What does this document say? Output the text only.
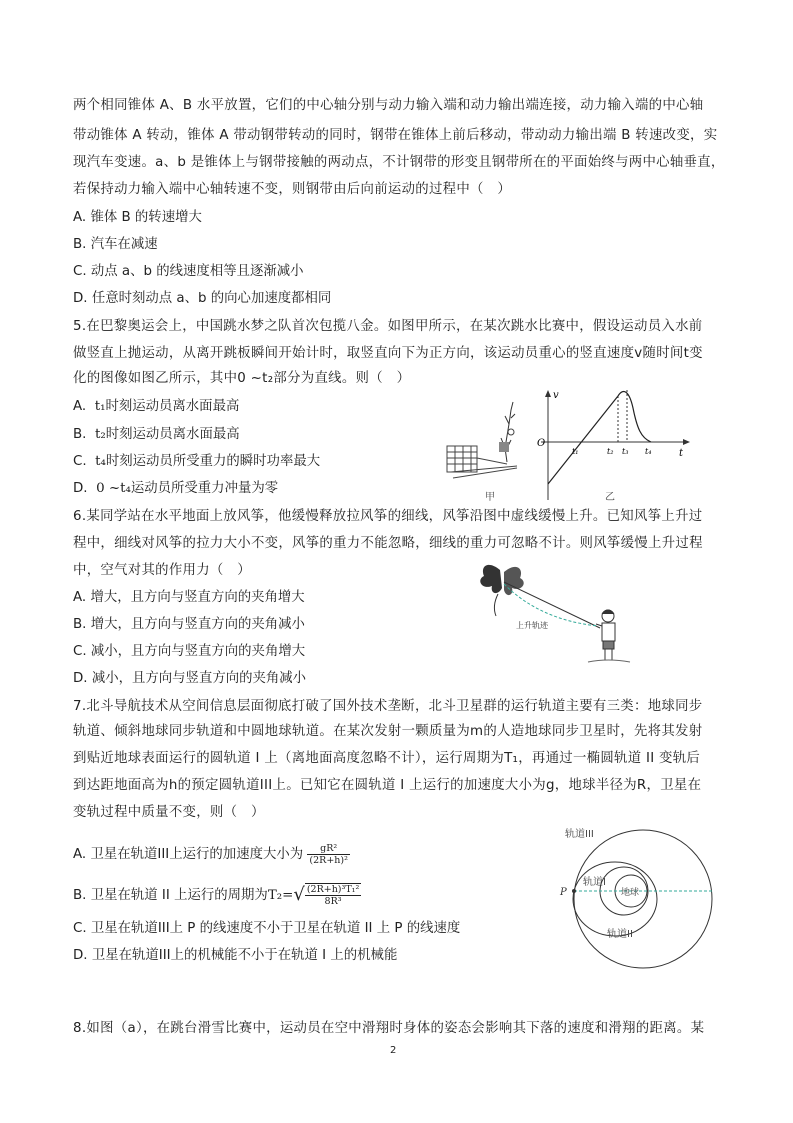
两个相同锥体 A、B 水平放置，它们的中心轴分别与动力输入端和动力输出端连接，动力输入端的中心轴
带动锥体 A 转动，锥体 A 带动钢带转动的同时，钢带在锥体上前后移动，带动动力输出端 B 转速改变，实
现汽车变速。a、b 是锥体上与钢带接触的两动点，不计钢带的形变且钢带所在的平面始终与两中心轴垂直，
若保持动力输入端中心轴转速不变，则钢带由后向前运动的过程中（　）
A. 锥体 B 的转速增大
B. 汽车在减速
C. 动点 a、b 的线速度相等且逐渐减小
D. 任意时刻动点 a、b 的向心加速度都相同
5.在巴黎奥运会上，中国跳水梦之队首次包揽八金。如图甲所示，在某次跳水比赛中，假设运动员入水前
做竖直上抛运动，从离开跳板瞬间开始计时，取竖直向下为正方向，该运动员重心的竖直速度v随时间t变
化的图像如图乙所示，其中0 ~t₂部分为直线。则（　）
A. t₁时刻运动员离水面最高
B. t₂时刻运动员离水面最高
C. t₄时刻运动员所受重力的瞬时功率最大
D. 0 ~t₄运动员所受重力冲量为零
甲
v
t
O
t₁	t₂ t₃ t₄
乙
6.某同学站在水平地面上放风筝，他缓慢释放拉风筝的细线，风筝沿图中虚线缓慢上升。已知风筝上升过
程中，细线对风筝的拉力大小不变，风筝的重力不能忽略，细线的重力可忽略不计。则风筝缓慢上升过程
中，空气对其的作用力（　）
A. 增大，且方向与竖直方向的夹角增大
B. 增大，且方向与竖直方向的夹角减小
C. 减小，且方向与竖直方向的夹角增大
D. 减小，且方向与竖直方向的夹角减小
上升轨迹
7.北斗导航技术从空间信息层面彻底打破了国外技术垄断，北斗卫星群的运行轨道主要有三类：地球同步
轨道、倾斜地球同步轨道和中圆地球轨道。在某次发射一颗质量为m的人造地球同步卫星时，先将其发射
到贴近地球表面运行的圆轨道 I 上（离地面高度忽略不计），运行周期为T₁，再通过一椭圆轨道 II 变轨后
到达距地面高为h的预定圆轨道III上。已知它在圆轨道 I 上运行的加速度大小为g，地球半径为R，卫星在
变轨过程中质量不变，则（　）
A. 卫星在轨道III上运行的加速度大小为 $\frac{\text{gR²}}{\text{(2R+h)²}}$
B. 卫星在轨道 II 上运行的周期为$T_2=√ \frac{\text{(2R+h)³T₁²}}{\text{8R³}}$
C. 卫星在轨道III上 P 的线速度不小于卫星在轨道 II 上 P 的线速度
D. 卫星在轨道III上的机械能不小于在轨道 I 上的机械能
轨道III
轨道I
地球
轨道II
P
8.如图（a），在跳台滑雪比赛中，运动员在空中滑翔时身体的姿态会影响其下落的速度和滑翔的距离。某
2
